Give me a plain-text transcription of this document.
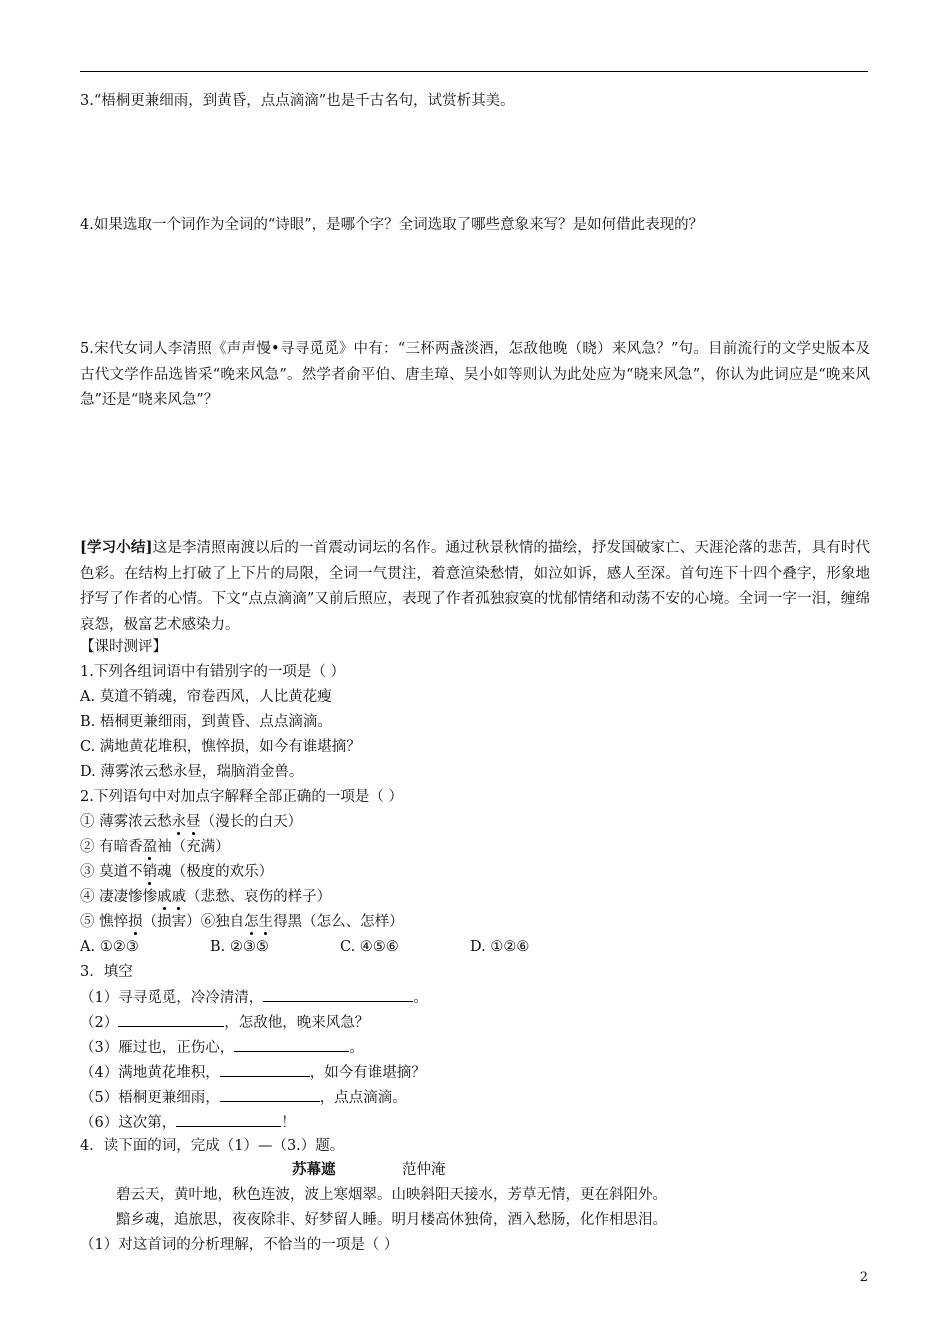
3.“梧桐更兼细雨，到黄昏，点点滴滴”也是千古名句，试赏析其美。
4.如果选取一个词作为全词的“诗眼”，是哪个字？全词选取了哪些意象来写？是如何借此表现的？
5.宋代女词人李清照《声声慢•寻寻觅觅》中有：“三杯两盏淡酒，怎敌他晚（晓）来风急？”句。目前流行的文学史版本及古代文学作品选皆采“晚来风急”。然学者俞平伯、唐圭璋、吴小如等则认为此处应为“晓来风急”，你认为此词应是“晚来风急”还是“晓来风急”？
[学习小结]这是李清照南渡以后的一首震动词坛的名作。通过秋景秋情的描绘，抒发国破家亡、天涯沦落的悲苦，具有时代色彩。在结构上打破了上下片的局限，全词一气贯注，着意渲染愁情，如泣如诉，感人至深。首句连下十四个叠字，形象地抒写了作者的心情。下文“点点滴滴”又前后照应，表现了作者孤独寂寞的忧郁情绪和动荡不安的心境。全词一字一泪，缠绵哀怨，极富艺术感染力。
【课时测评】
1.下列各组词语中有错别字的一项是（ ）
A. 莫道不销魂，帘卷西风，人比黄花瘦
B. 梧桐更兼细雨，到黄昏、点点滴滴。
C. 满地黄花堆积，憔悴损，如今有谁堪摘？
D. 薄雾浓云愁永昼，瑞脑消金兽。
2.下列语句中对加点字解释全部正确的一项是（ ）
① 薄雾浓云愁永昼（漫长的白天）
② 有暗香盈袖（充满）
③ 莫道不销魂（极度的欢乐）
④ 凄凄惨惨戚戚（悲愁、哀伤的样子）
⑤ 憔悴损（损害）⑥独自怎生得黑（怎么、怎样）
A. ①②③	B. ②③⑤	C. ④⑤⑥	D. ①②⑥
3．填空
（1）寻寻觅觅，冷冷清清，	。
（2）	，怎敌他，晚来风急？
（3）雁过也，正伤心，	。
（4）满地黄花堆积，	，如今有谁堪摘？
（5）梧桐更兼细雨，	，点点滴滴。
（6）这次第，	！
4．读下面的词，完成（1）—（3.）题。
苏幕遮	范仲淹
碧云天，黄叶地，秋色连波，波上寒烟翠。山映斜阳天接水，芳草无情，更在斜阳外。
黯乡魂，追旅思，夜夜除非、好梦留人睡。明月楼高休独倚，酒入愁肠，化作相思泪。
（1）对这首词的分析理解，不恰当的一项是（ ）
2
